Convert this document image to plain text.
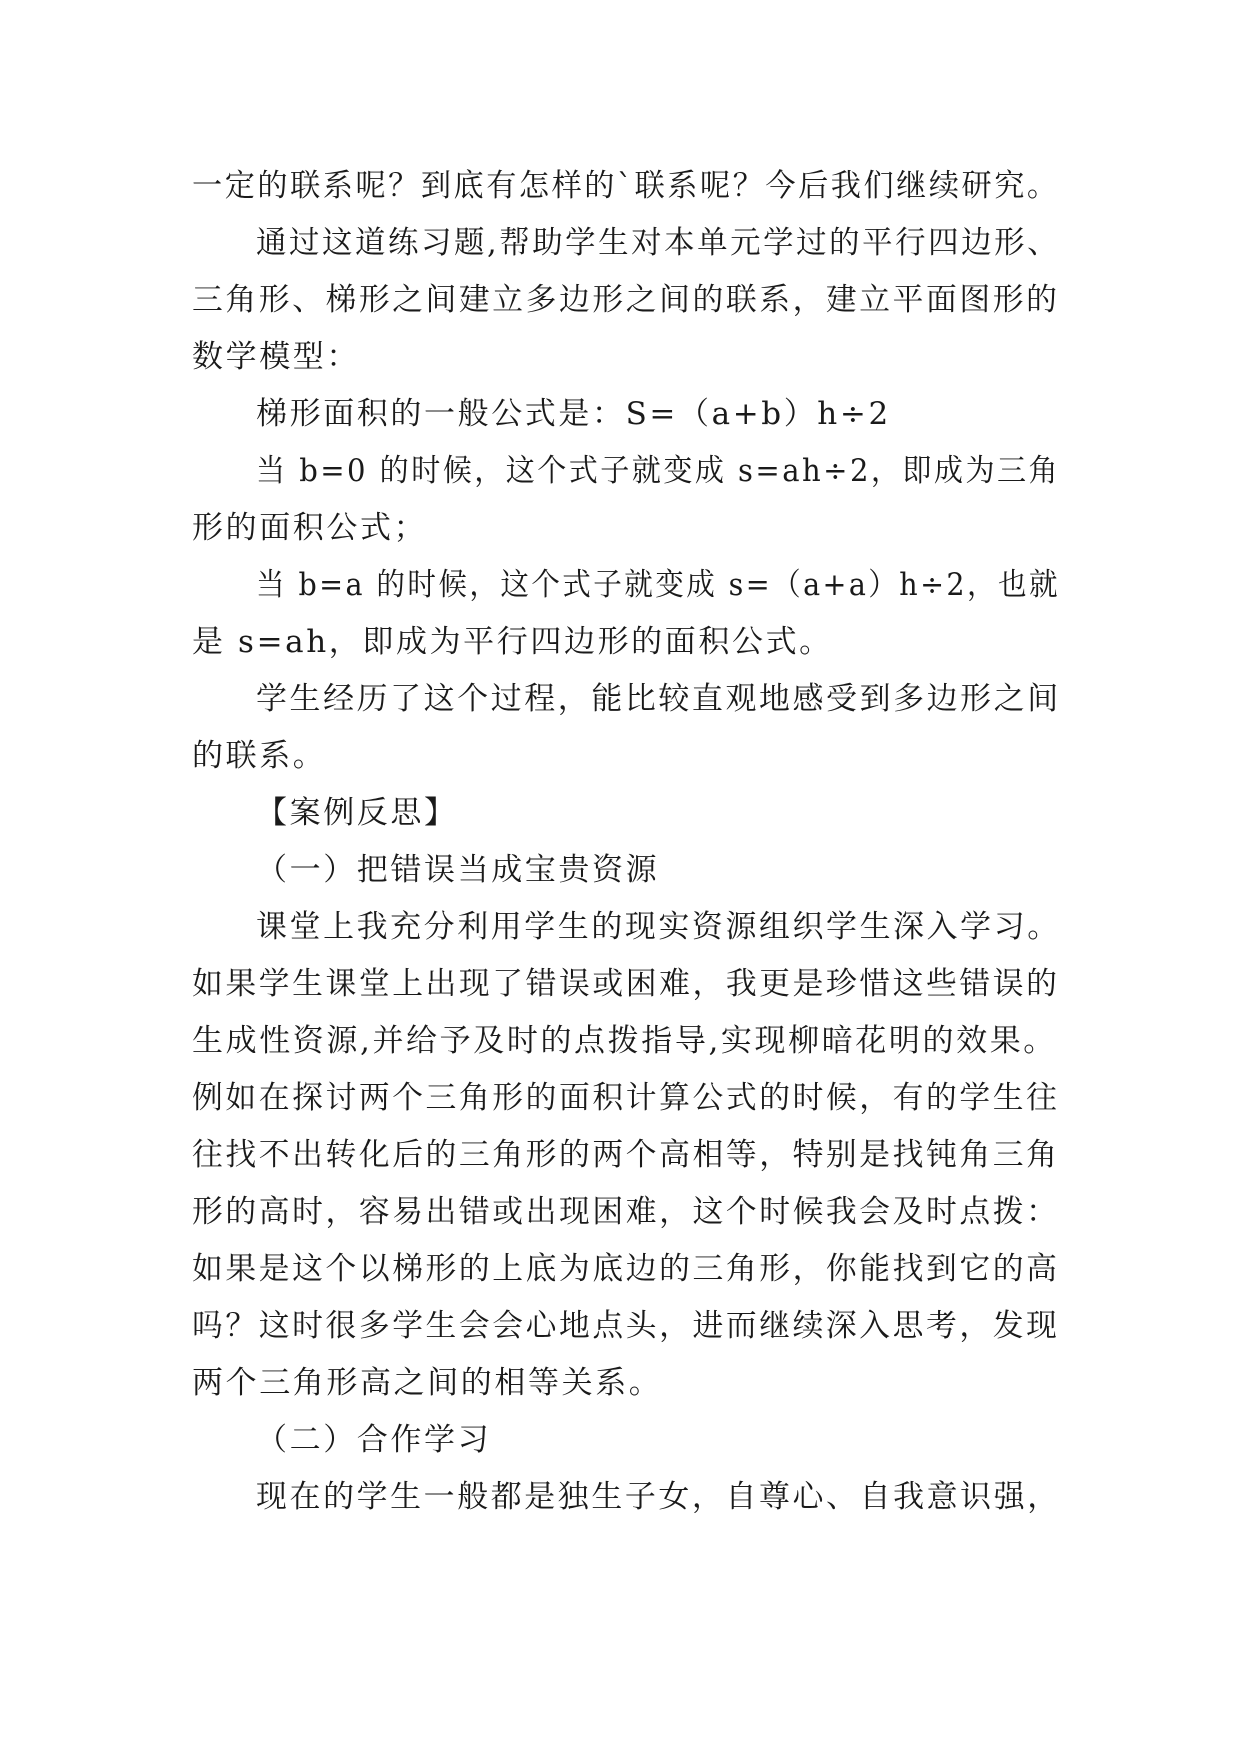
一定的联系呢？到底有怎样的`联系呢？今后我们继续研究。
通过这道练习题,帮助学生对本单元学过的平行四边形、
三角形、梯形之间建立多边形之间的联系，建立平面图形的
数学模型：
梯形面积的一般公式是：S=（a+b）h÷2
当 b=0 的时候，这个式子就变成 s=ah÷2，即成为三角
形的面积公式；
当 b=a 的时候，这个式子就变成 s=（a+a）h÷2，也就
是 s=ah，即成为平行四边形的面积公式。
学生经历了这个过程，能比较直观地感受到多边形之间
的联系。
【案例反思】
（一）把错误当成宝贵资源
课堂上我充分利用学生的现实资源组织学生深入学习。
如果学生课堂上出现了错误或困难，我更是珍惜这些错误的
生成性资源,并给予及时的点拨指导,实现柳暗花明的效果。
例如在探讨两个三角形的面积计算公式的时候，有的学生往
往找不出转化后的三角形的两个高相等，特别是找钝角三角
形的高时，容易出错或出现困难，这个时候我会及时点拨：
如果是这个以梯形的上底为底边的三角形，你能找到它的高
吗？这时很多学生会会心地点头，进而继续深入思考，发现
两个三角形高之间的相等关系。
（二）合作学习
现在的学生一般都是独生子女，自尊心、自我意识强，
